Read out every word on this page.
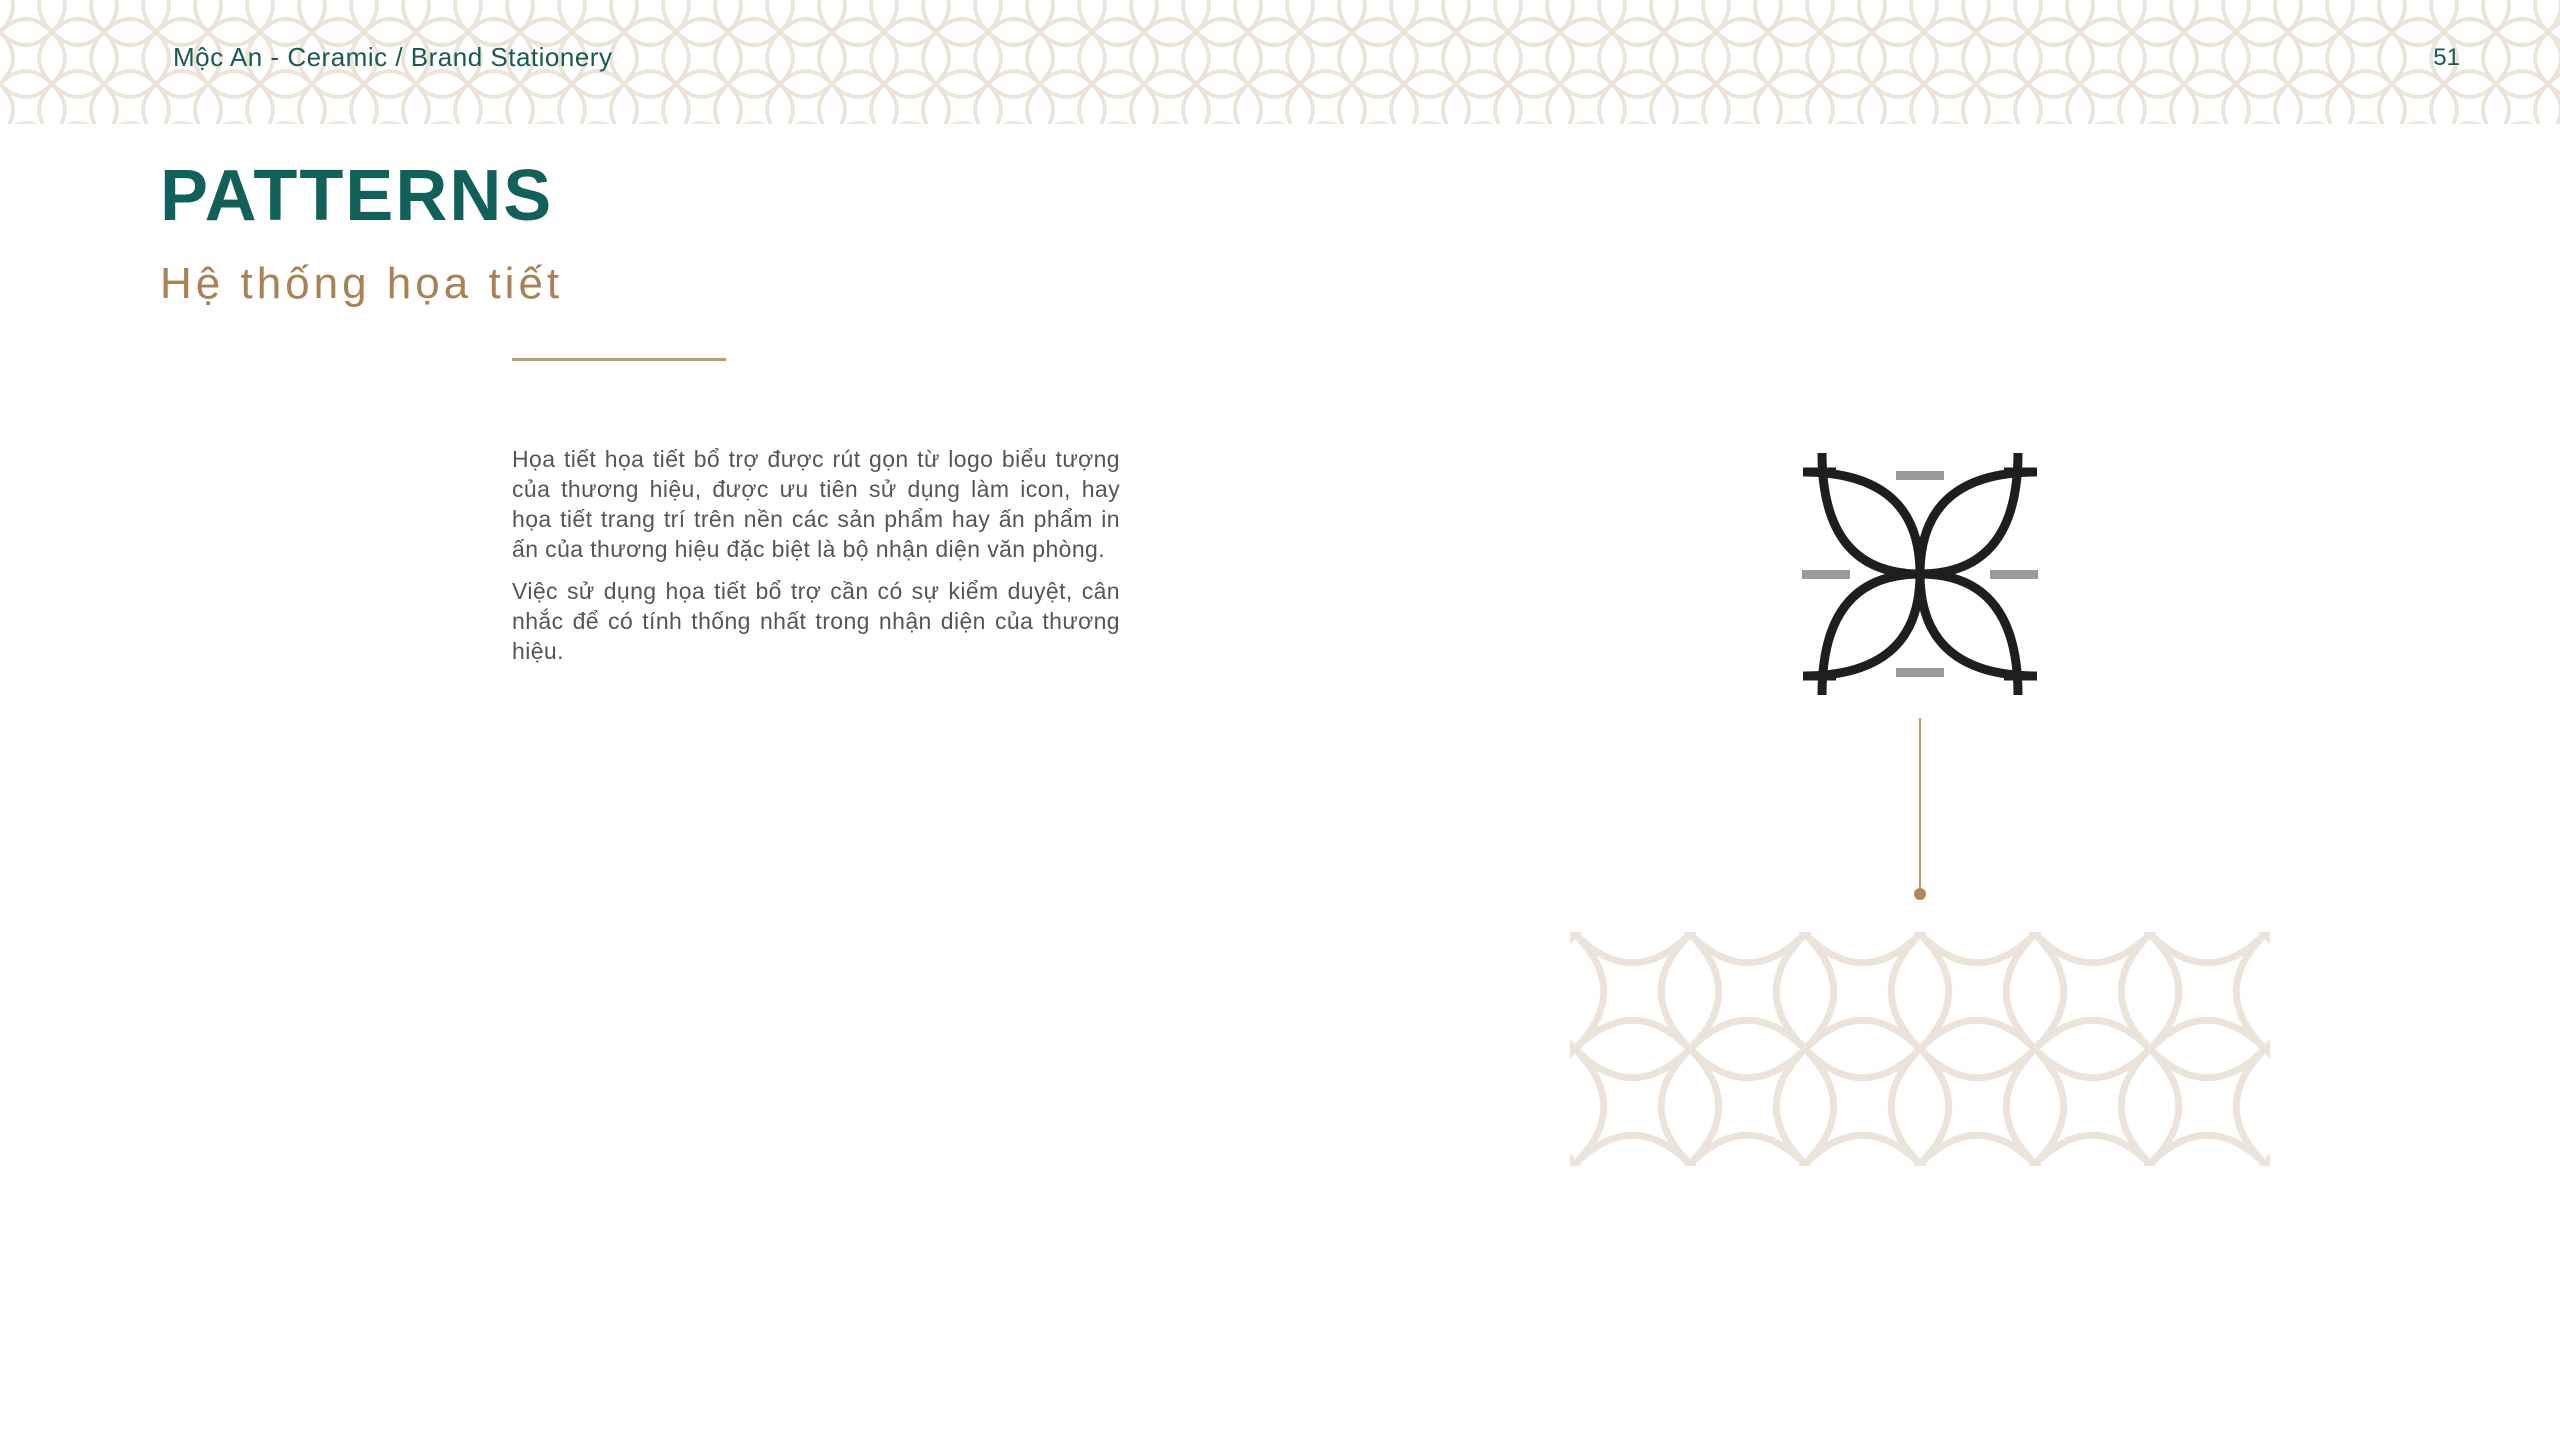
Mộc An - Ceramic / Brand Stationery	51
PATTERNS
Hệ thống họa tiết

Họa tiết họa tiết bổ trợ được rút gọn từ logo biểu tượng của thương hiệu, được ưu tiên sử dụng làm icon, hay họa tiết trang trí trên nền các sản phẩm hay ấn phẩm in ấn của thương hiệu đặc biệt là bộ nhận diện văn phòng.

Việc sử dụng họa tiết bổ trợ cần có sự kiểm duyệt, cân nhắc để có tính thống nhất trong nhận diện của thương hiệu.
